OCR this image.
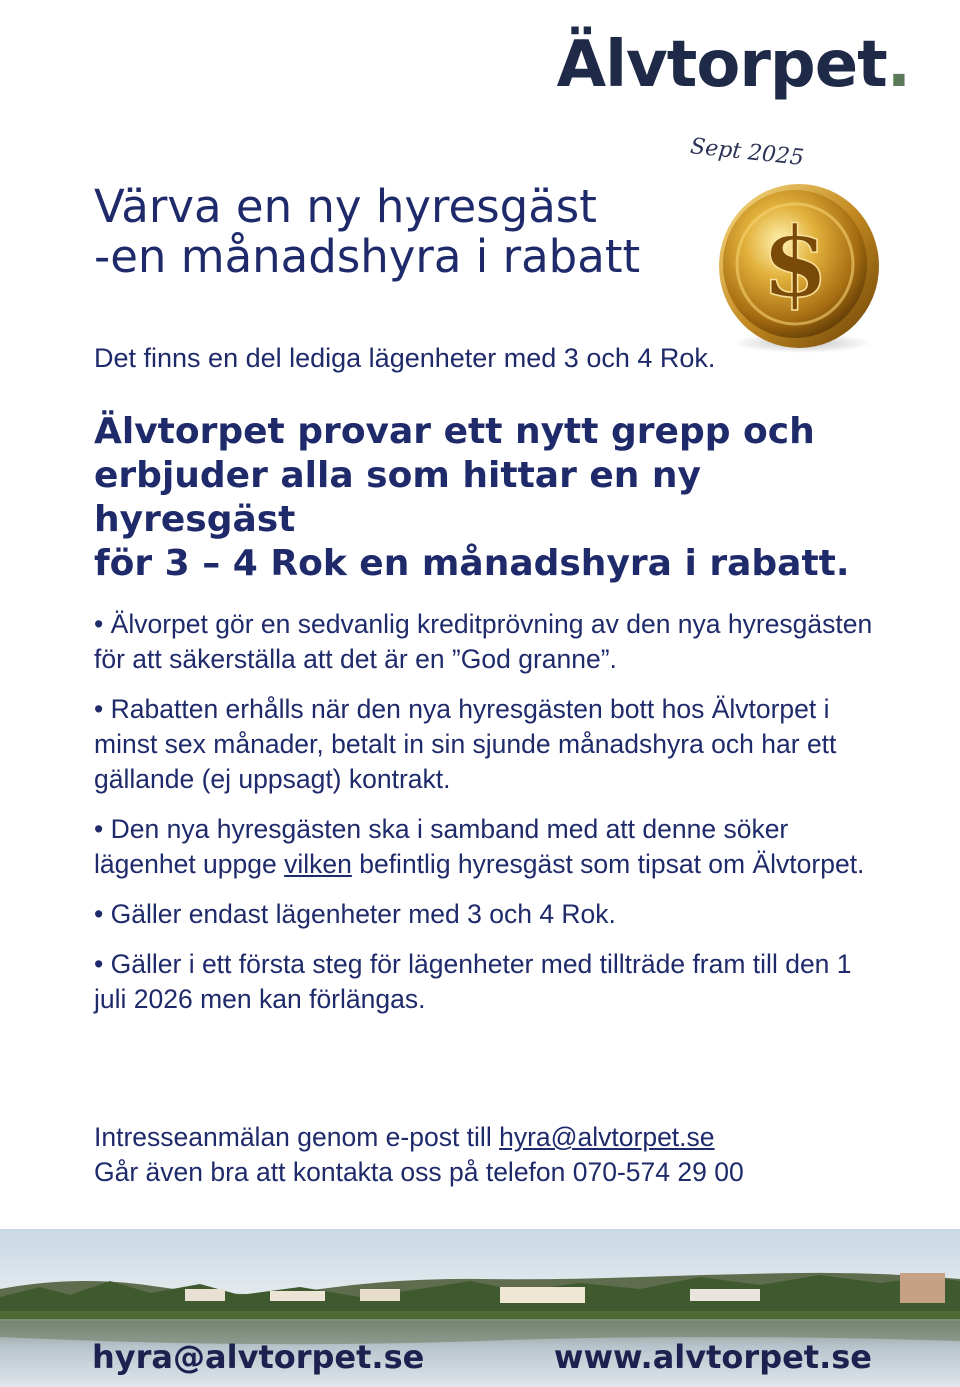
Älvtorpet.
Sept 2025
$
Värva en ny hyresgäst
-en månadshyra i rabatt

Det finns en del lediga lägenheter med 3 och 4 Rok.

Älvtorpet provar ett nytt grepp och
erbjuder alla som hittar en ny hyresgäst
för 3 – 4 Rok en månadshyra i rabatt.
• Älvorpet gör en sedvanlig kreditprövning av den nya hyresgästen för att säkerställa att det är en ”God granne”.
• Rabatten erhålls när den nya hyresgästen bott hos Älvtorpet i minst sex månader, betalt in sin sjunde månadshyra och har ett gällande (ej uppsagt) kontrakt.
• Den nya hyresgästen ska i samband med att denne söker lägenhet uppge vilken befintlig hyresgäst som tipsat om Älvtorpet.
• Gäller endast lägenheter med 3 och 4 Rok.
• Gäller i ett första steg för lägenheter med tillträde fram till den 1 juli 2026 men kan förlängas.
Intresseanmälan genom e-post till hyra@alvtorpet.se
Går även bra att kontakta oss på telefon 070-574 29 00
hyra@alvtorpet.se	www.alvtorpet.se
